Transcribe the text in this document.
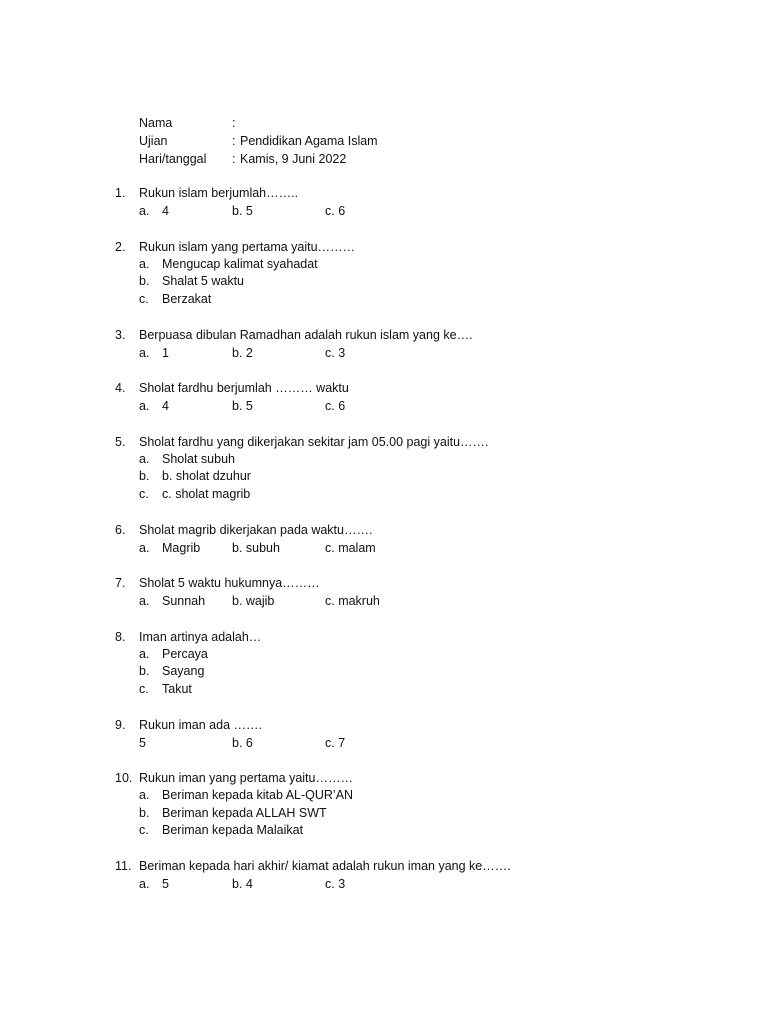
Nama	:
Ujian	: Pendidikan Agama Islam
Hari/tanggal	: Kamis, 9 Juni 2022
1.	Rukun islam berjumlah……..
a.	4	b. 5	c. 6
2.	Rukun islam yang pertama yaitu………
a.	Mengucap kalimat syahadat
b.	Shalat 5 waktu
c.	Berzakat
3.	Berpuasa dibulan Ramadhan adalah rukun islam yang ke….
a.	1	b. 2	c. 3
4.	Sholat fardhu berjumlah ……… waktu
a.	4	b. 5	c. 6
5.	Sholat fardhu yang dikerjakan sekitar jam 05.00 pagi yaitu…….
a.	Sholat subuh
b.	b. sholat dzuhur
c.	c. sholat magrib
6.	Sholat magrib dikerjakan pada waktu…….
a.	Magrib	b. subuh	c. malam
7.	Sholat 5 waktu hukumnya………
a.	Sunnah b. wajib	c. makruh
8.	Iman artinya adalah…
a.	Percaya
b.	Sayang
c.	Takut
9.	Rukun iman ada …….
5	b. 6	c. 7
10. Rukun iman yang pertama yaitu………
a.	Beriman kepada kitab AL-QUR’AN
b.	Beriman kepada ALLAH SWT
c.	Beriman kepada Malaikat
11. Beriman kepada hari akhir/ kiamat adalah rukun iman yang ke…….
a.	5	b. 4	c. 3
